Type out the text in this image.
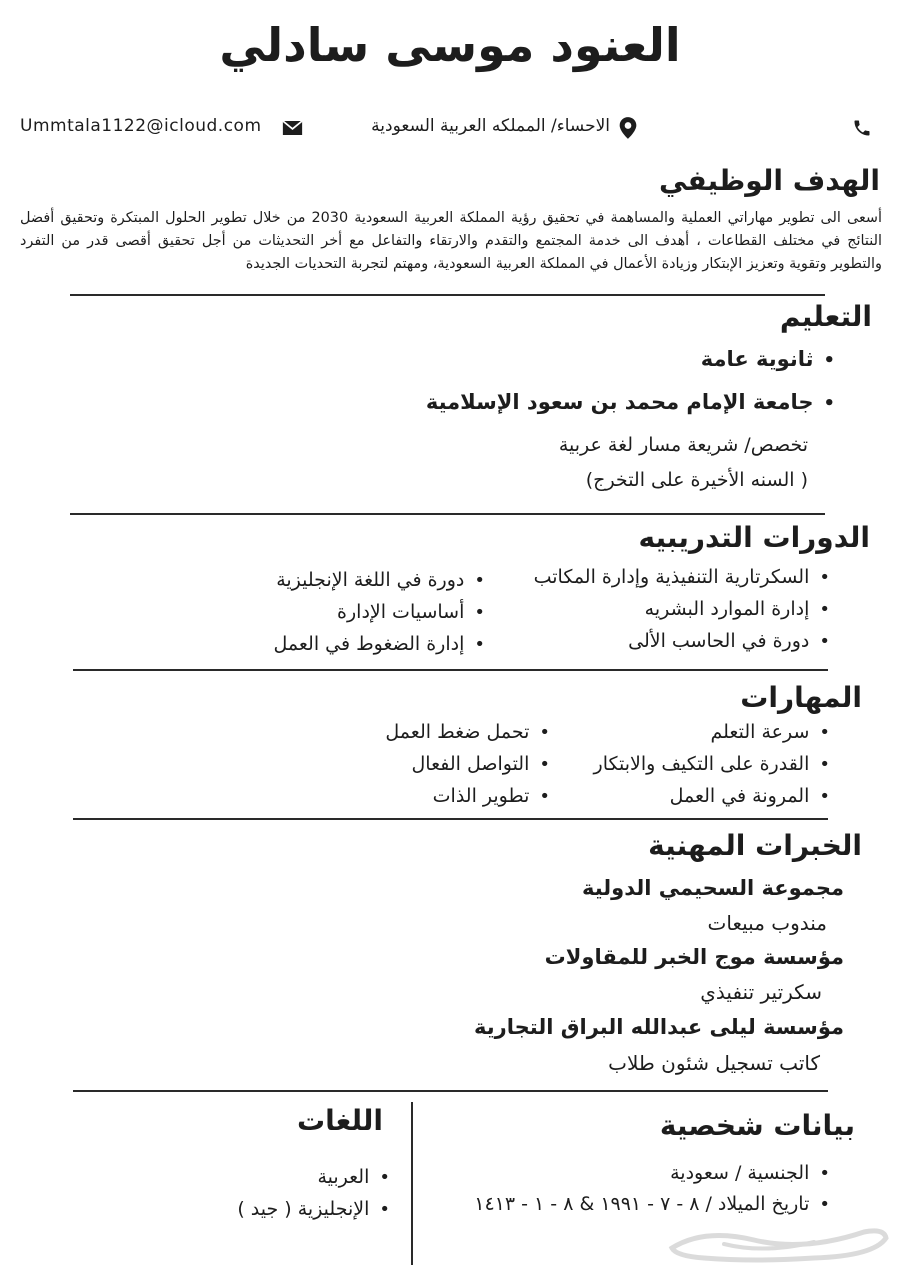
العنود موسى سادلي
الاحساء/ المملكه العربية السعودية
Ummtala1122@icloud.com
الهدف الوظيفي
أسعى الى تطوير مهاراتي العملية والمساهمة في تحقيق رؤية المملكة العربية السعودية 2030 من خلال تطوير الحلول المبتكرة وتحقيق أفضل النتائج في مختلف القطاعات ، أهدف الى خدمة المجتمع والتقدم والارتقاء والتفاعل مع أخر التحديثات من أجل تحقيق أقصى قدر من التفرد والتطوير وتقوية وتعزيز الإبتكار وزيادة الأعمال في المملكة العربية السعودية، ومهتم لتجربة التحديات الجديدة
التعليم
• ثانوية عامة
• جامعة الإمام محمد بن سعود الإسلامية
تخصص/ شريعة مسار لغة عربية
( السنه الأخيرة على التخرج)
الدورات التدريبيه
• السكرتارية التنفيذية وإدارة المكاتب
• إدارة الموارد البشريه
• دورة في الحاسب الألى
• دورة في اللغة الإنجليزية
• أساسيات الإدارة
• إدارة الضغوط في العمل
المهارات
• سرعة التعلم
• القدرة على التكيف والابتكار
• المرونة في العمل
• تحمل ضغط العمل
• التواصل الفعال
• تطوير الذات
الخبرات المهنية
مجموعة السحيمي الدولية
مندوب مبيعات
مؤسسة موج الخبر للمقاولات
سكرتير تنفيذي
مؤسسة ليلى عبدالله البراق التجارية
كاتب تسجيل شئون طلاب
بيانات شخصية
• الجنسية / سعودية
• تاريخ الميلاد / ٨ - ٧ - ١٩٩١ & ٨ - ١ - ١٤١٣
اللغات
• العربية
• الإنجليزية ( جيد )
